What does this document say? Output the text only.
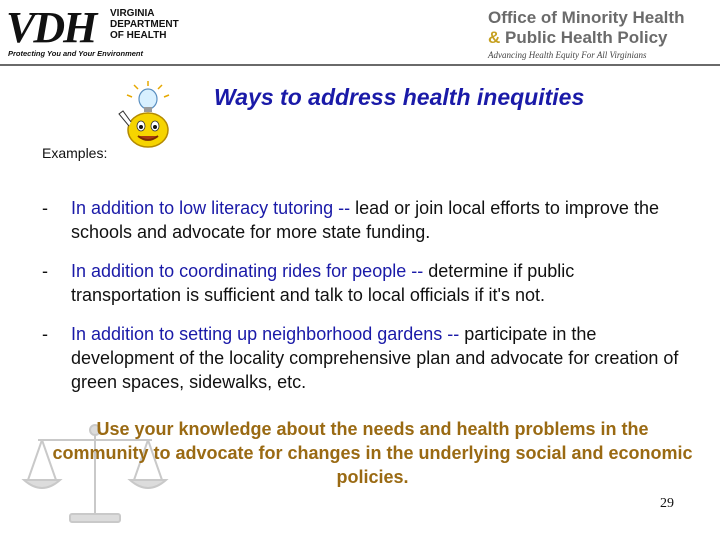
VDH VIRGINIA
DEPARTMENT
OF HEALTH
Protecting You and Your Environment
Office of Minority Health
& Public Health Policy
Advancing Health Equity For All Virginians
Ways to address health inequities
Examples:
- In addition to low literacy tutoring -- lead or join local efforts to improve the schools and advocate for more state funding.
- In addition to coordinating rides for people -- determine if public transportation is sufficient and talk to local officials if it's not.
- In addition to setting up neighborhood gardens -- participate in the development of the locality comprehensive plan and advocate for creation of green spaces, sidewalks, etc.
Use your knowledge about the needs and health problems in the community to advocate for changes in the underlying social and economic policies.
29
